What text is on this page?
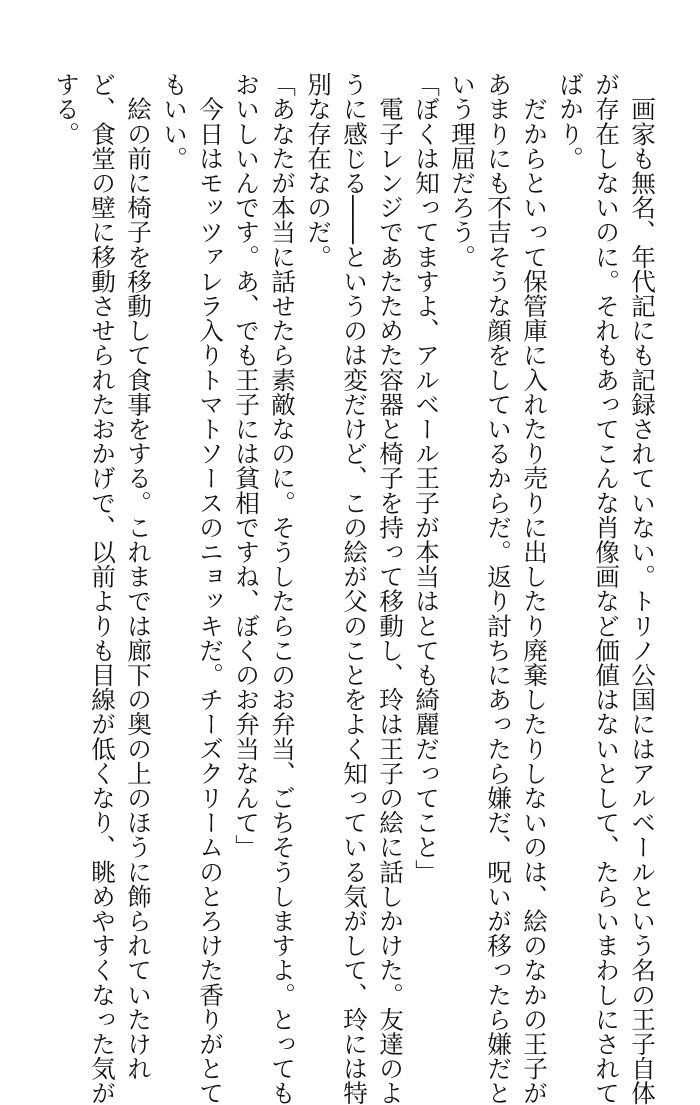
　画家も無名、年代記にも記録されていない。トリノ公国にはアルベールという名の王子自体
が存在しないのに。それもあってこんな肖像画など価値はないとして、たらいまわしにされて
ばかり。
　だからといって保管庫に入れたり売りに出したり廃棄したりしないのは、絵のなかの王子が
あまりにも不吉そうな顔をしているからだ。返り討ちにあったら嫌だ、呪いが移ったら嫌だと
いう理屈だろう。
「ぼくは知ってますよ、アルベール王子が本当はとても綺麗だってこと」
　電子レンジであたためた容器と椅子を持って移動し、玲は王子の絵に話しかけた。友達のよ
うに感じる――というのは変だけど、この絵が父のことをよく知っている気がして、玲には特
別な存在なのだ。
「あなたが本当に話せたら素敵なのに。そうしたらこのお弁当、ごちそうしますよ。とっても
おいしいんです。あ、でも王子には貧相ですね、ぼくのお弁当なんて」
　今日はモッツァレラ入りトマトソースのニョッキだ。チーズクリームのとろけた香りがとて
もいい。
　絵の前に椅子を移動して食事をする。これまでは廊下の奥の上のほうに飾られていたけれ
ど、食堂の壁に移動させられたおかげで、以前よりも目線が低くなり、眺めやすくなった気が
する。
